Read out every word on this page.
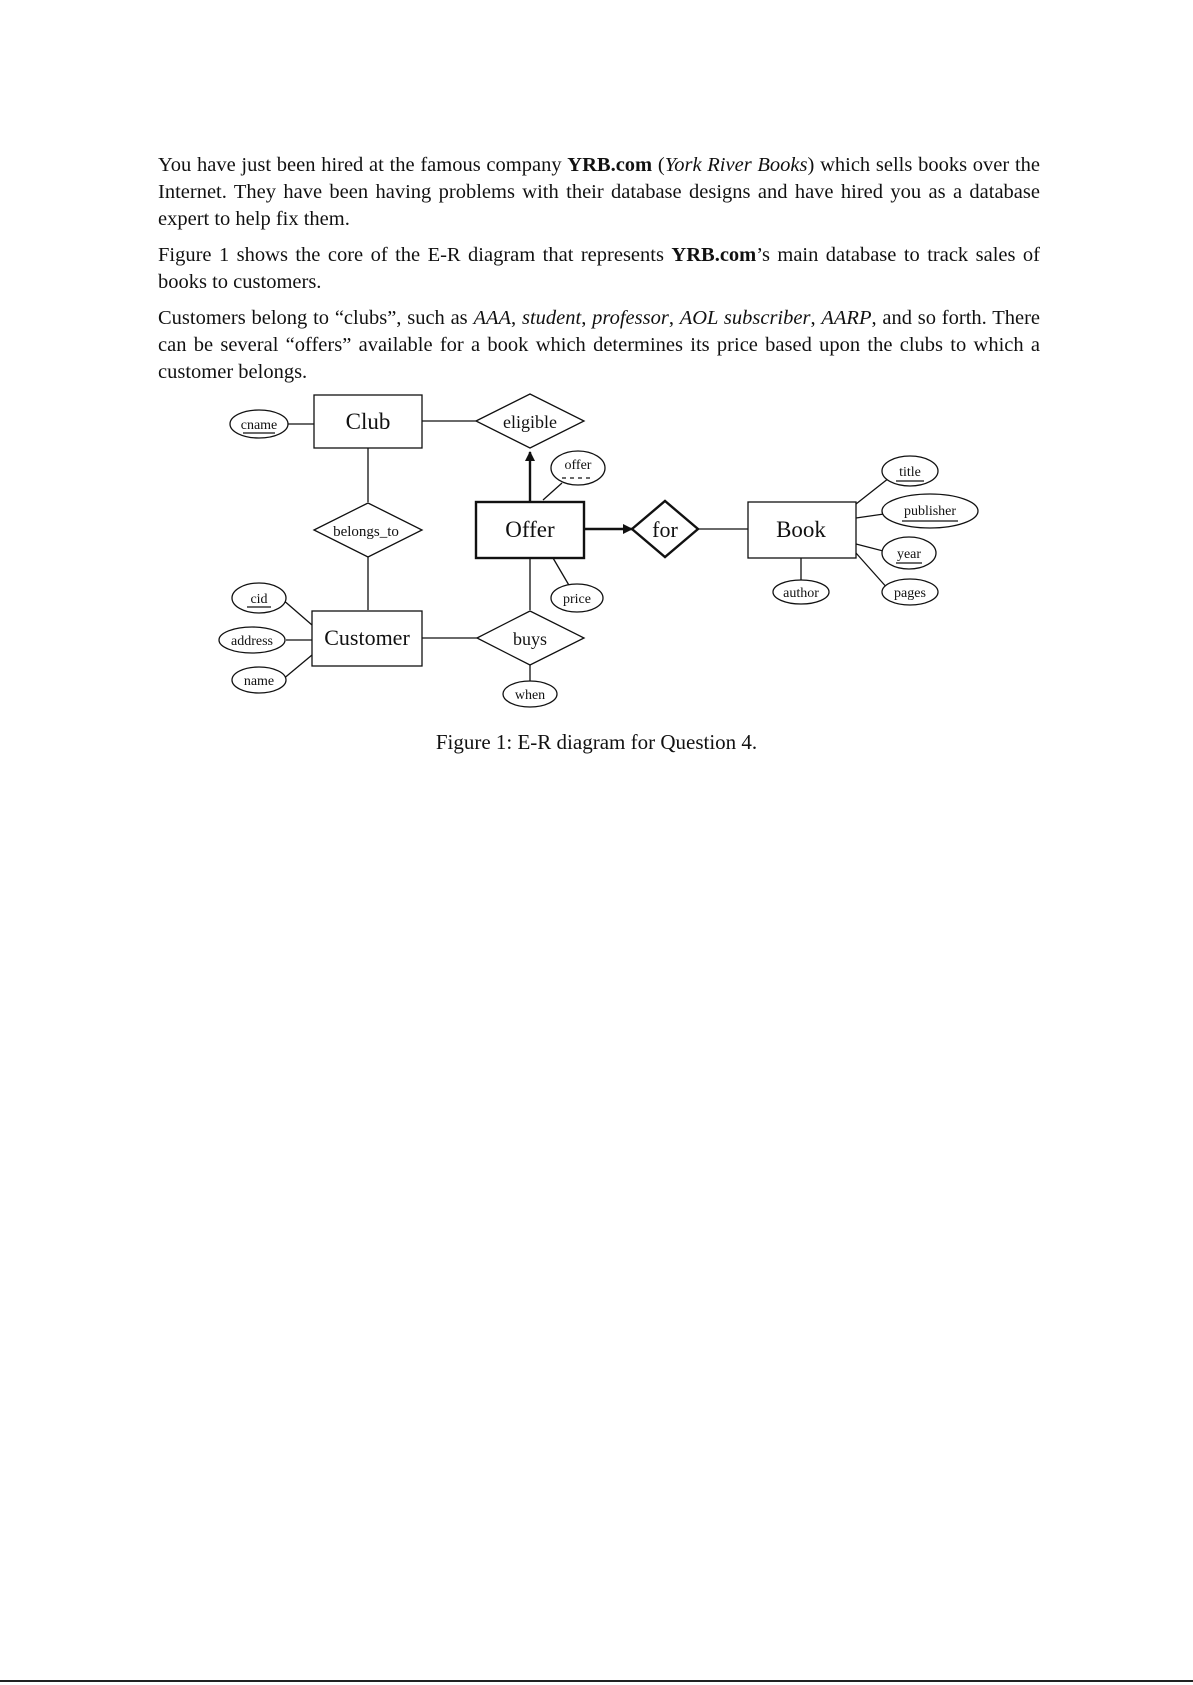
You have just been hired at the famous company YRB.com (York River Books) which sells books over the Internet. They have been having problems with their database designs and have hired you as a database expert to help fix them.

Figure 1 shows the core of the E-R diagram that represents YRB.com’s main database to track sales of books to customers.

Customers belong to “clubs”, such as AAA, student, professor, AOL subscriber, AARP, and so forth. There can be several “offers” available for a book which determines its price based upon the clubs to which a customer belongs.

Club
Offer	Book
Customer
eligible
for
belongs_to
buys
cname
offer
price
title
publisher
year
pages
author
cid
address
name
when
Figure 1: E-R diagram for Question 4.
